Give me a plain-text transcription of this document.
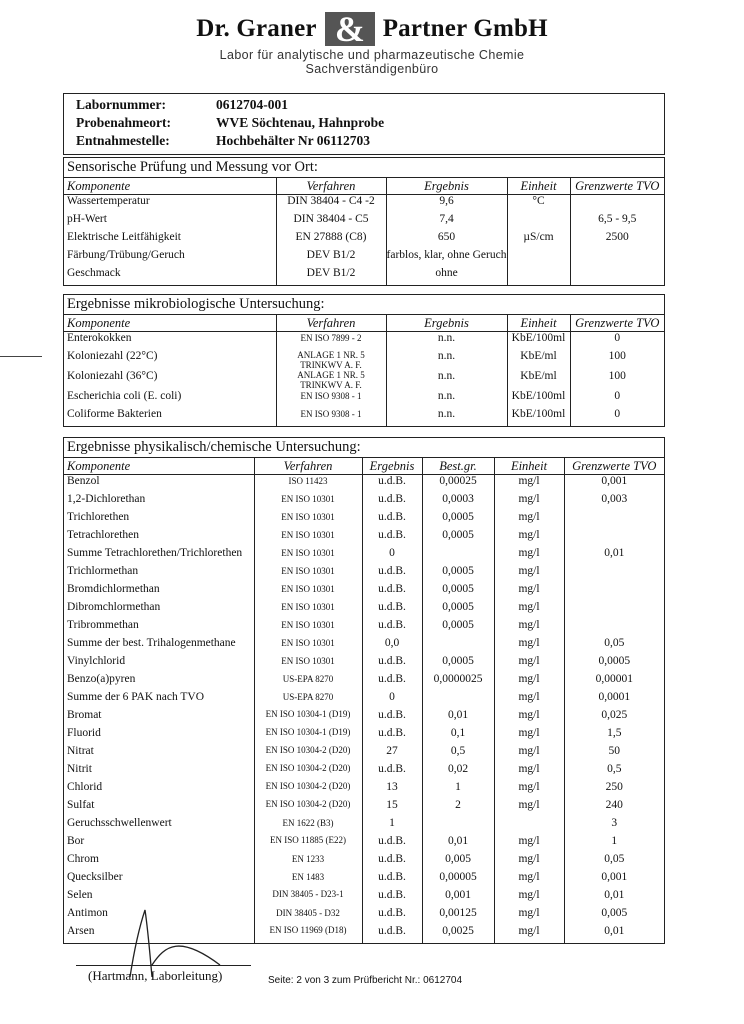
Dr. Graner & Partner GmbH
Labor für analytische und pharmazeutische Chemie
Sachverständigenbüro
Labornummer:	0612704-001
Probenahmeort:	WVE Söchtenau, Hahnprobe
Entnahmestelle:	Hochbehälter Nr 06112703
Sensorische Prüfung und Messung vor Ort:
Komponente	Verfahren	Ergebnis	Einheit	Grenzwerte TVO
Wassertemperatur	DIN 38404 - C4 -2	9,6	°C	
pH-Wert	DIN 38404 - C5	7,4		6,5 - 9,5
Elektrische Leitfähigkeit	EN 27888 (C8)	650	µS/cm	2500
Färbung/Trübung/Geruch	DEV B1/2	farblos, klar, ohne Geruch		
Geschmack	DEV B1/2	ohne		
Ergebnisse mikrobiologische Untersuchung:
Komponente	Verfahren	Ergebnis	Einheit	Grenzwerte TVO
Enterokokken	EN ISO 7899 - 2	n.n.	KbE/100ml	0
Koloniezahl (22°C)	ANLAGE 1 NR. 5 TRINKWV A. F.	n.n.	KbE/ml	100
Koloniezahl (36°C)	ANLAGE 1 NR. 5 TRINKWV A. F.	n.n.	KbE/ml	100
Escherichia coli (E. coli)	EN ISO 9308 - 1	n.n.	KbE/100ml	0
Coliforme Bakterien	EN ISO 9308 - 1	n.n.	KbE/100ml	0
Ergebnisse physikalisch/chemische Untersuchung:
Komponente	Verfahren	Ergebnis	Best.gr.	Einheit	Grenzwerte TVO
Benzol	ISO 11423	u.d.B.	0,00025	mg/l	0,001
1,2-Dichlorethan	EN ISO 10301	u.d.B.	0,0003	mg/l	0,003
Trichlorethen	EN ISO 10301	u.d.B.	0,0005	mg/l	
Tetrachlorethen	EN ISO 10301	u.d.B.	0,0005	mg/l	
Summe Tetrachlorethen/Trichlorethen	EN ISO 10301	0		mg/l	0,01
Trichlormethan	EN ISO 10301	u.d.B.	0,0005	mg/l	
Bromdichlormethan	EN ISO 10301	u.d.B.	0,0005	mg/l	
Dibromchlormethan	EN ISO 10301	u.d.B.	0,0005	mg/l	
Tribrommethan	EN ISO 10301	u.d.B.	0,0005	mg/l	
Summe der best. Trihalogenmethane	EN ISO 10301	0,0		mg/l	0,05
Vinylchlorid	EN ISO 10301	u.d.B.	0,0005	mg/l	0,0005
Benzo(a)pyren	US-EPA 8270	u.d.B.	0,0000025	mg/l	0,00001
Summe der 6 PAK nach TVO	US-EPA 8270	0		mg/l	0,0001
Bromat	EN ISO 10304-1 (D19)	u.d.B.	0,01	mg/l	0,025
Fluorid	EN ISO 10304-1 (D19)	u.d.B.	0,1	mg/l	1,5
Nitrat	EN ISO 10304-2 (D20)	27	0,5	mg/l	50
Nitrit	EN ISO 10304-2 (D20)	u.d.B.	0,02	mg/l	0,5
Chlorid	EN ISO 10304-2 (D20)	13	1	mg/l	250
Sulfat	EN ISO 10304-2 (D20)	15	2	mg/l	240
Geruchsschwellenwert	EN 1622 (B3)	1			3
Bor	EN ISO 11885 (E22)	u.d.B.	0,01	mg/l	1
Chrom	EN 1233	u.d.B.	0,005	mg/l	0,05
Quecksilber	EN 1483	u.d.B.	0,00005	mg/l	0,001
Selen	DIN 38405 - D23-1	u.d.B.	0,001	mg/l	0,01
Antimon	DIN 38405 - D32	u.d.B.	0,00125	mg/l	0,005
Arsen	EN ISO 11969 (D18)	u.d.B.	0,0025	mg/l	0,01
(Hartmann, Laborleitung)	Seite: 2 von 3 zum Prüfbericht Nr.: 0612704
